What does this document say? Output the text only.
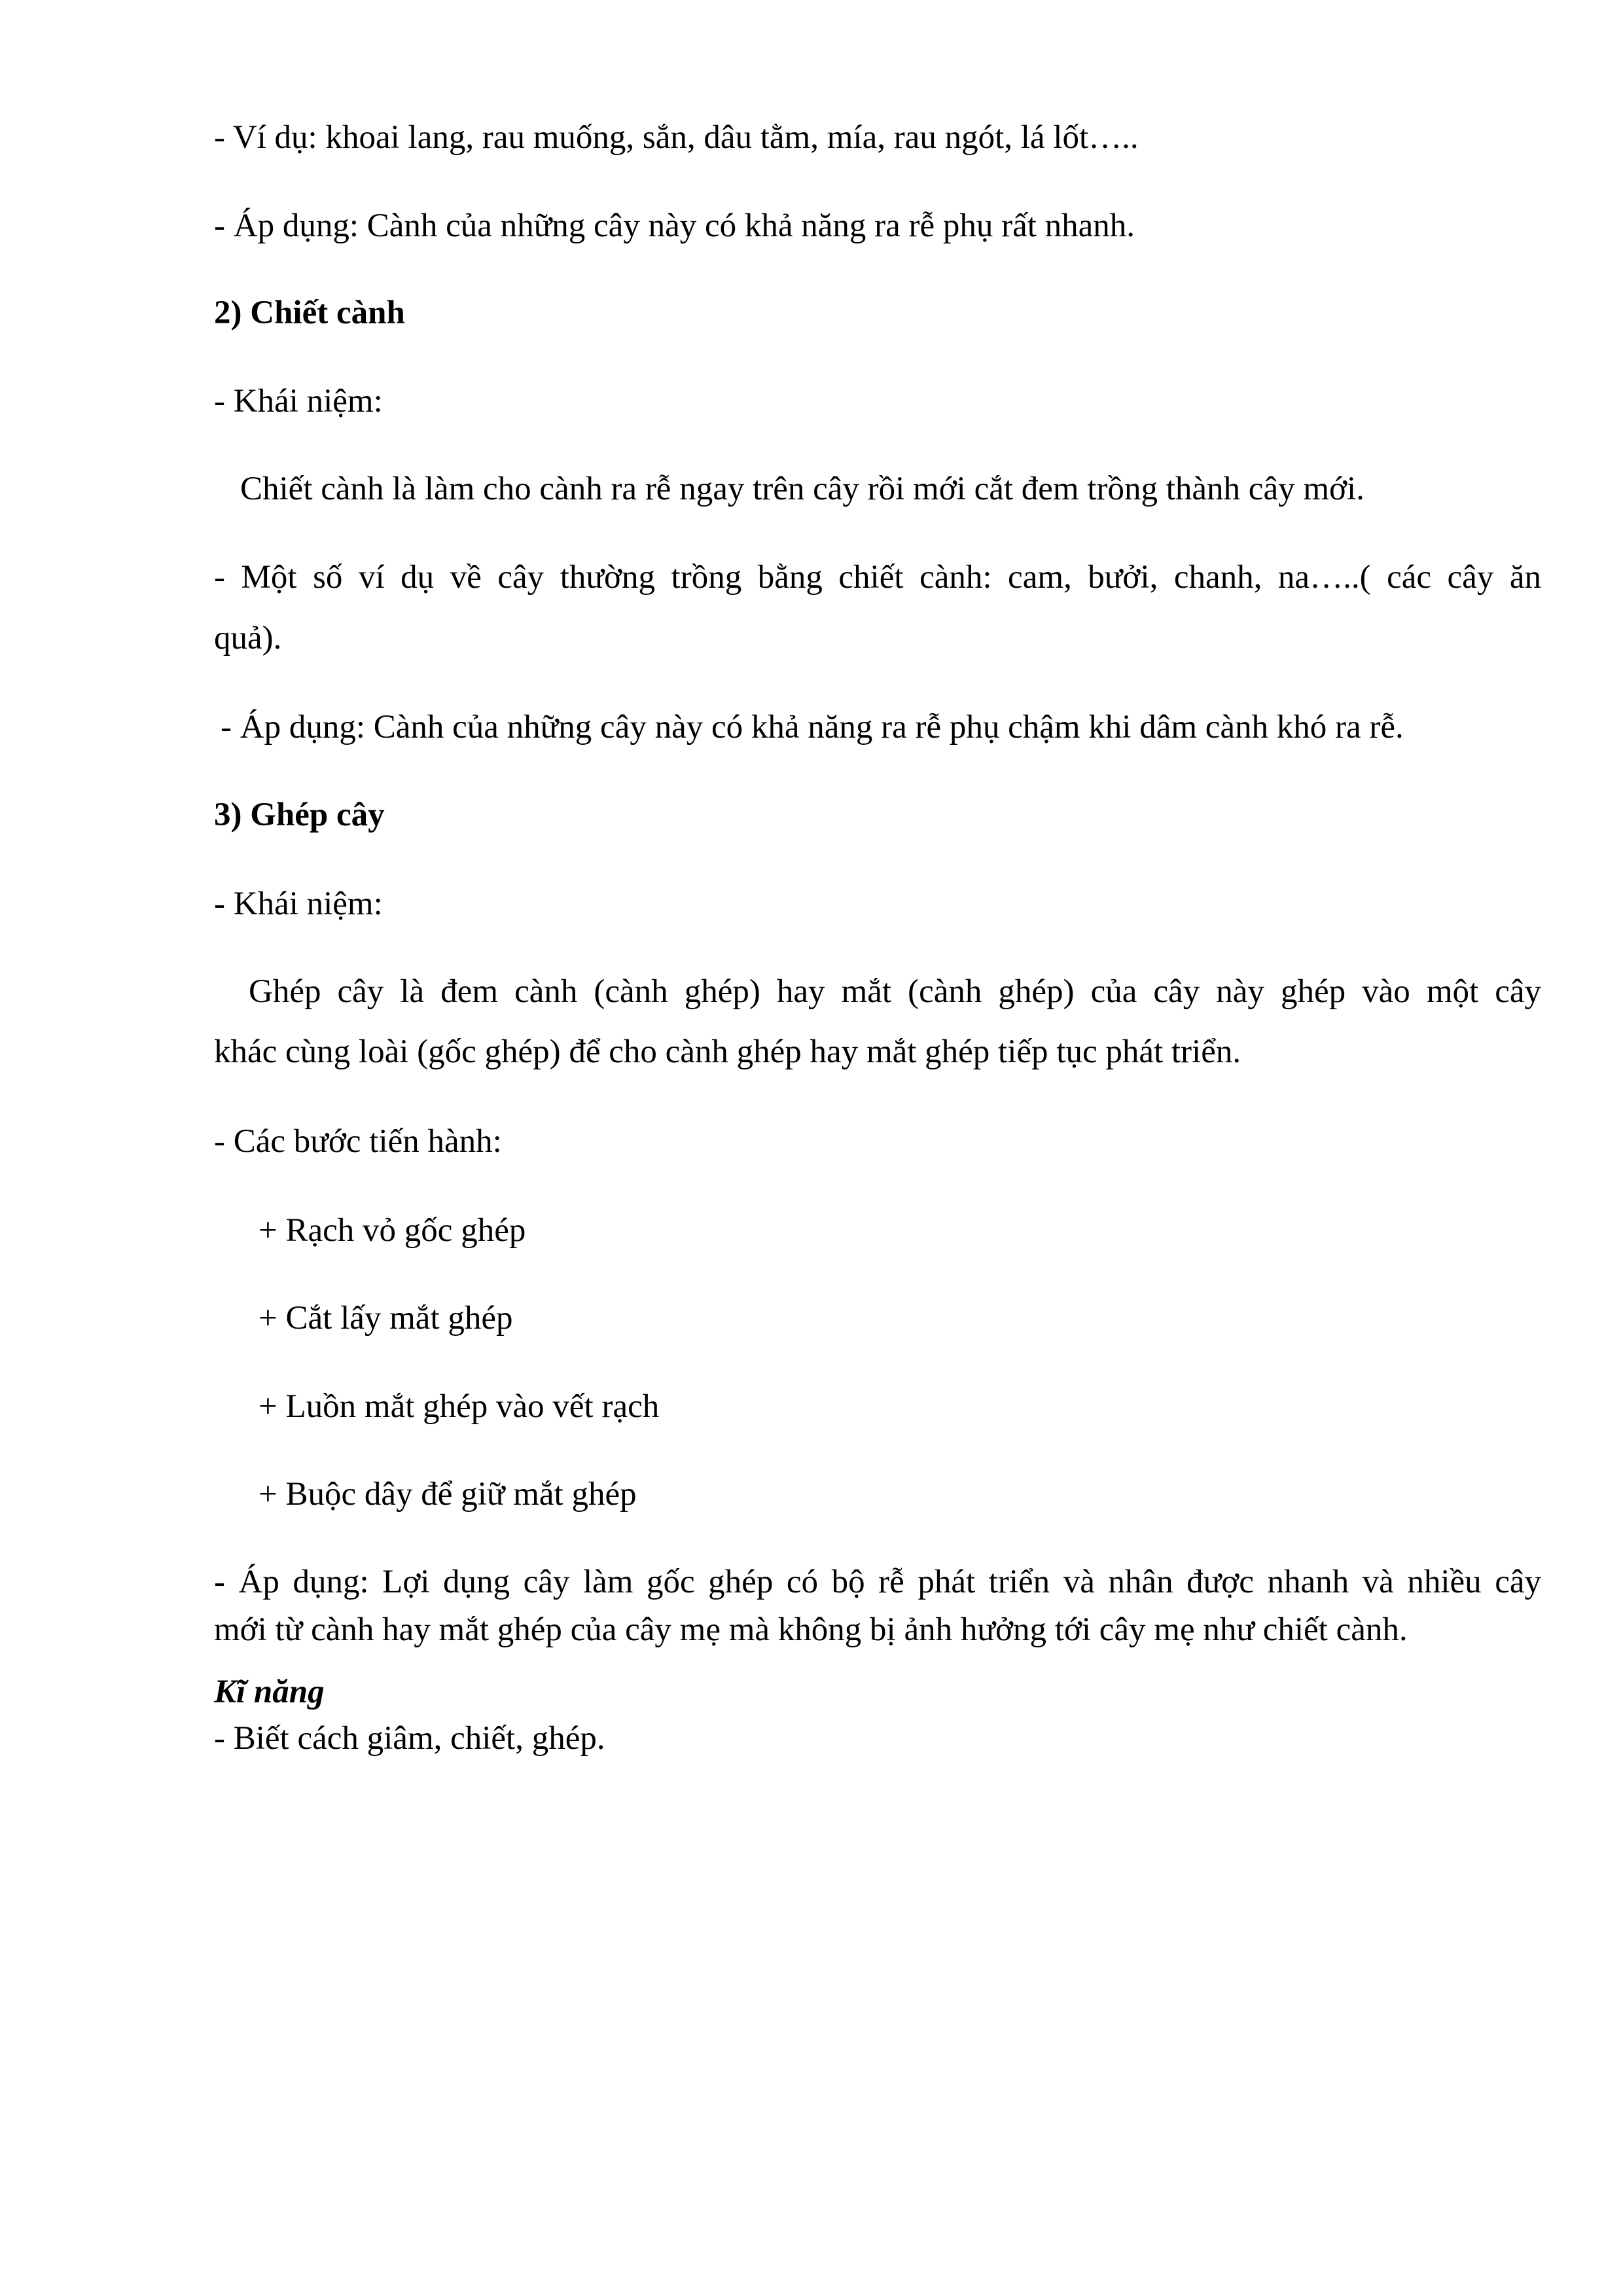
- Ví dụ: khoai lang, rau muống, sắn, dâu tằm, mía, rau ngót, lá lốt…..
- Áp dụng: Cành của những cây này có khả năng ra rễ phụ rất nhanh.
2) Chiết cành
- Khái niệm:
Chiết cành là làm cho cành ra rễ ngay trên cây rồi mới cắt đem trồng thành cây mới.
- Một số ví dụ về cây thường trồng bằng chiết cành: cam, bưởi, chanh, na…..( các cây ăn
quả).
- Áp dụng: Cành của những cây này có khả năng ra rễ phụ chậm khi dâm cành khó ra rễ.
3) Ghép cây
- Khái niệm:
Ghép cây là đem cành (cành ghép) hay mắt (cành ghép) của cây này ghép vào một cây
khác cùng loài (gốc ghép) để cho cành ghép hay mắt ghép tiếp tục phát triển.
- Các bước tiến hành:
+ Rạch vỏ gốc ghép
+ Cắt lấy mắt ghép
+ Luồn mắt ghép vào vết rạch
+ Buộc dây để giữ mắt ghép
- Áp dụng: Lợi dụng cây làm gốc ghép có bộ rễ phát triển và nhân được nhanh và nhiều cây
mới từ cành hay mắt ghép của cây mẹ mà không bị ảnh hưởng tới cây mẹ như chiết cành.
Kĩ năng
- Biết cách giâm, chiết, ghép.
